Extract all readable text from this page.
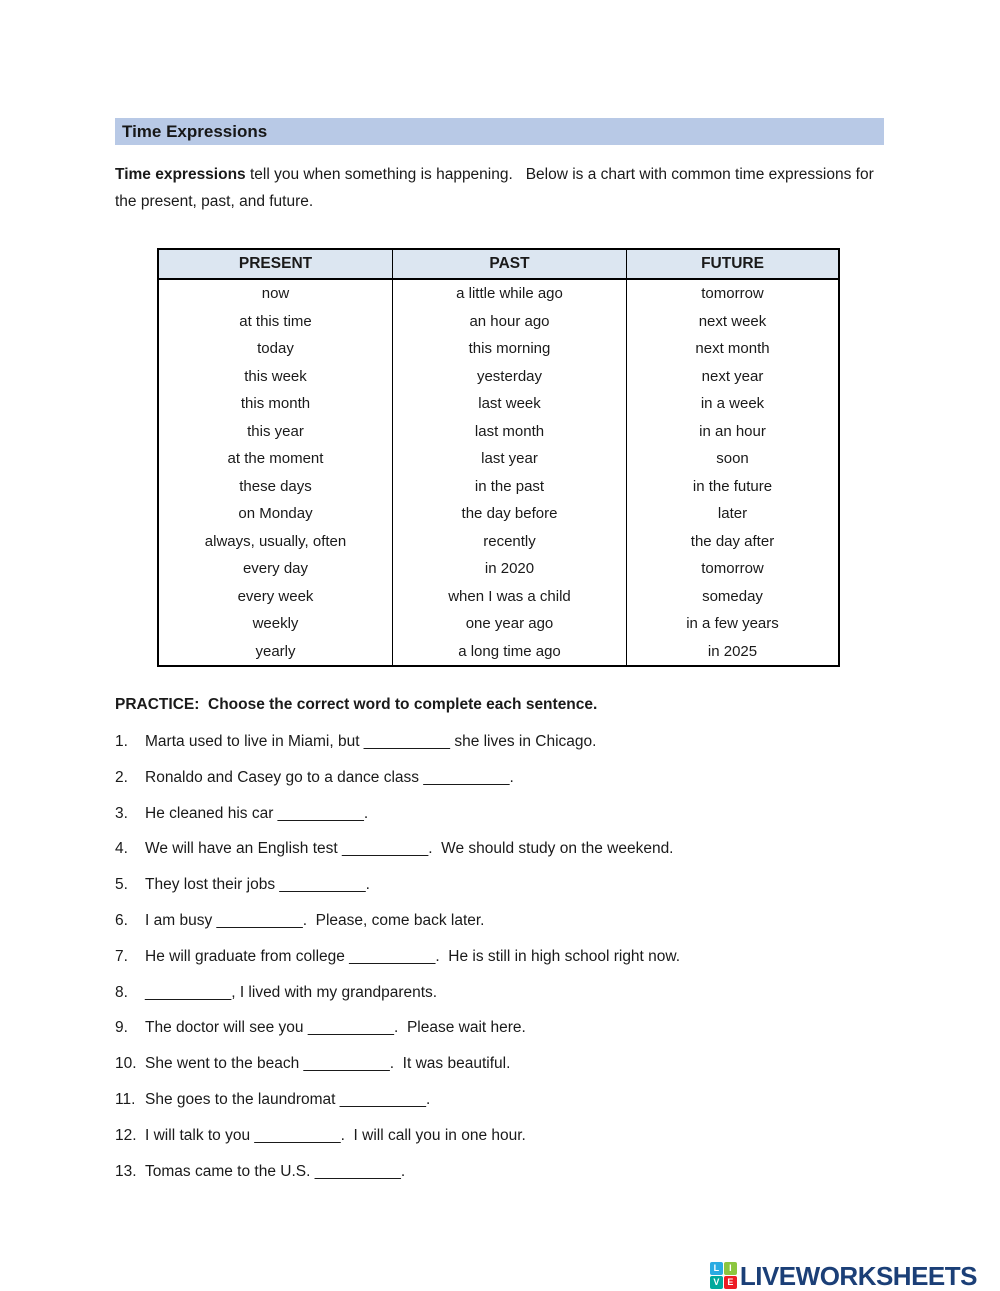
Time Expressions
Time expressions tell you when something is happening.   Below is a chart with common time expressions for the present, past, and future.
PRESENT	PAST	FUTURE
now	a little while ago	tomorrow
at this time	an hour ago	next week
today	this morning	next month
this week	yesterday	next year
this month	last week	in a week
this year	last month	in an hour
at the moment	last year	soon
these days	in the past	in the future
on Monday	the day before	later
always, usually, often	recently	the day after
every day	in 2020	tomorrow
every week	when I was a child	someday
weekly	one year ago	in a few years
yearly	a long time ago	in 2025
PRACTICE:  Choose the correct word to complete each sentence.
1.	Marta used to live in Miami, but __________ she lives in Chicago.
2.	Ronaldo and Casey go to a dance class __________.
3.	He cleaned his car __________.
4.	We will have an English test __________.  We should study on the weekend.
5.	They lost their jobs __________.
6.	I am busy __________.  Please, come back later.
7.	He will graduate from college __________.  He is still in high school right now.
8.	__________, I lived with my grandparents.
9.	The doctor will see you __________.  Please wait here.
10. She went to the beach __________.  It was beautiful.
11. She goes to the laundromat __________.
12. I will talk to you __________.  I will call you in one hour.
13. Tomas came to the U.S. __________.
L	I
V E LIVEWORKSHEETS
